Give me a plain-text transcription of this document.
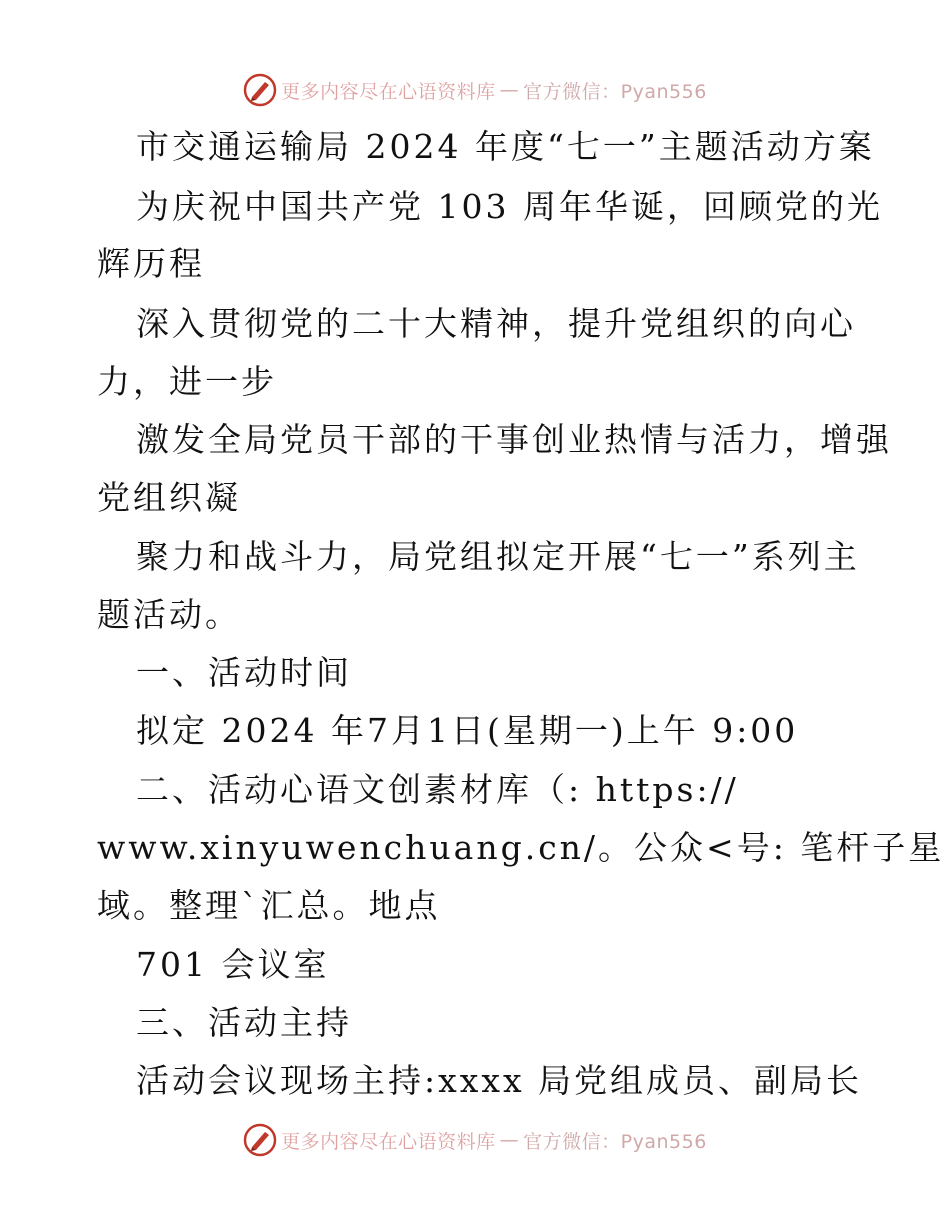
更多内容尽在心语资料库 — 官方微信：Pyan556
市交通运输局 2024 年度“七一”主题活动方案
为庆祝中国共产党 103 周年华诞，回顾党的光
辉历程
深入贯彻党的二十大精神，提升党组织的向心
力，进一步
激发全局党员干部的干事创业热情与活力，增强
党组织凝
聚力和战斗力，局党组拟定开展“七一”系列主
题活动。
一、活动时间
拟定 2024 年7月1日(星期一)上午 9:00
二、活动心语文创素材库（: https://
www.xinyuwenchuang.cn/。公众<号: 笔杆子星
域。整理`汇总。地点
701 会议室
三、活动主持
活动会议现场主持:xxxx 局党组成员、副局长
更多内容尽在心语资料库 — 官方微信：Pyan556
